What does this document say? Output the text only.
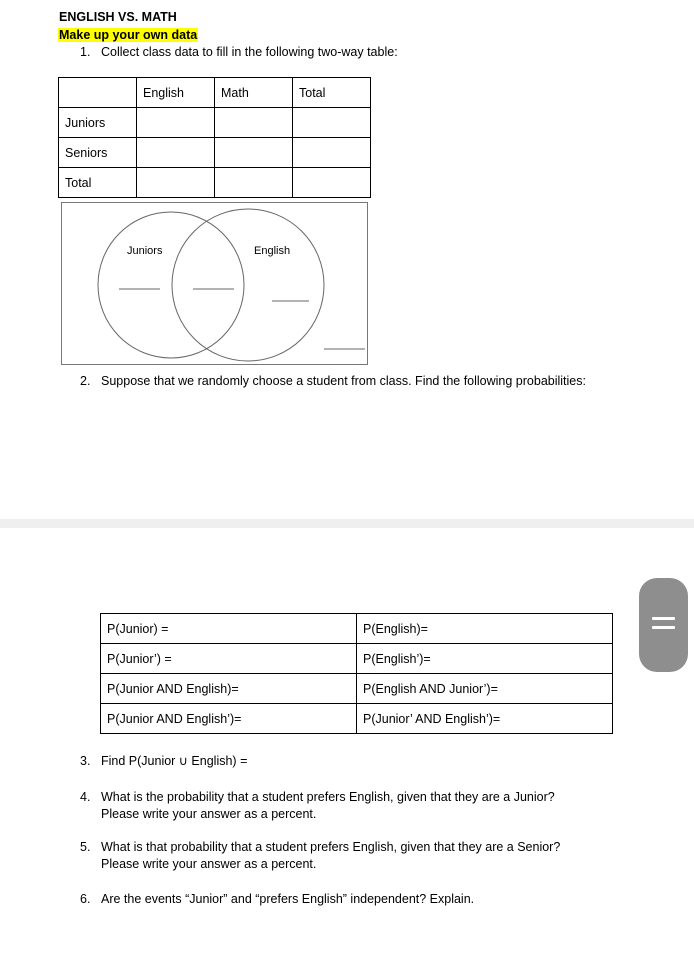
ENGLISH VS. MATH
Make up your own data
1. Collect class data to fill in the following two-way table:
	English	Math	Total
Juniors			
Seniors			
Total			
Juniors	English
2. Suppose that we randomly choose a student from class. Find the following probabilities:
P(Junior) =	P(English)=
P(Junior’) =	P(English’)=
P(Junior AND English)=	P(English AND Junior’)=
P(Junior AND English’)=	P(Junior’ AND English’)=
3. Find P(Junior ∪ English) =
4. What is the probability that a student prefers English, given that they are a Junior?
Please write your answer as a percent.
5. What is that probability that a student prefers English, given that they are a Senior?
Please write your answer as a percent.
6. Are the events “Junior” and “prefers English” independent? Explain.
